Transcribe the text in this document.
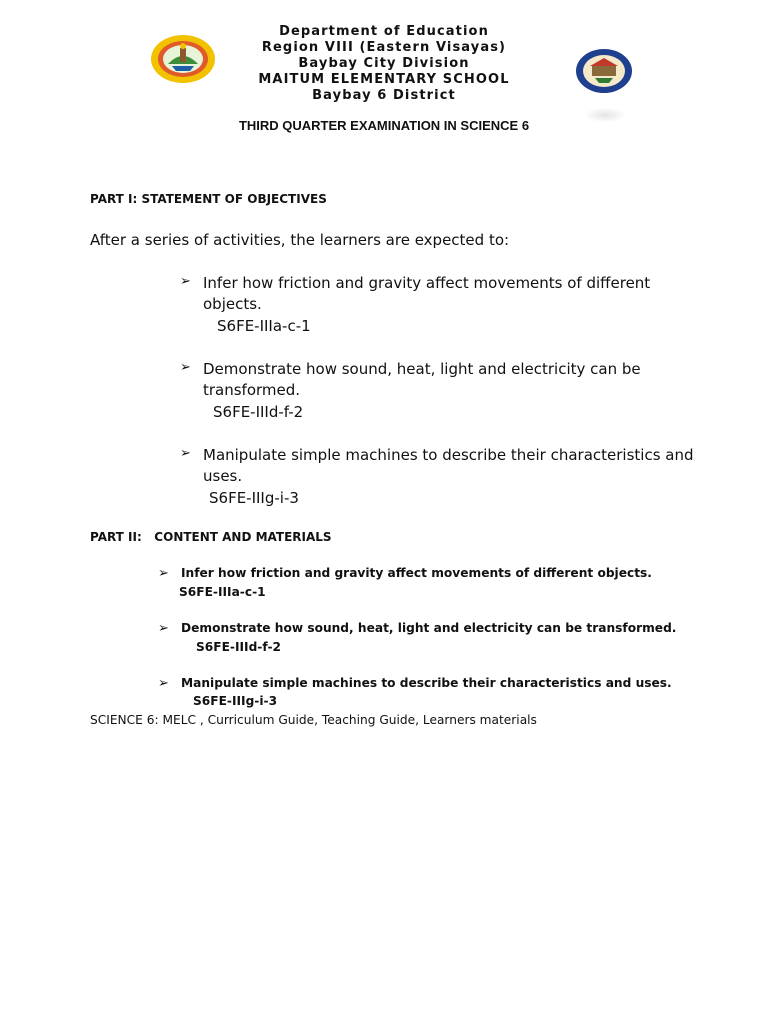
Department of Education
Region VIII (Eastern Visayas)
Baybay City Division
MAITUM ELEMENTARY SCHOOL
Baybay 6 District
THIRD QUARTER EXAMINATION IN SCIENCE 6
PART I: STATEMENT OF OBJECTIVES
After a series of activities, the learners are expected to:
➢ Infer how friction and gravity affect movements of different
objects.
S6FE-IIIa-c-1
➢ Demonstrate how sound, heat, light and electricity can be
transformed.
S6FE-IIId-f-2
➢ Manipulate simple machines to describe their characteristics and
uses.
S6FE-IIIg-i-3
PART II:   CONTENT AND MATERIALS
➢ Infer how friction and gravity affect movements of different objects.
S6FE-IIIa-c-1
➢ Demonstrate how sound, heat, light and electricity can be transformed.
S6FE-IIId-f-2
➢ Manipulate simple machines to describe their characteristics and uses.
S6FE-IIIg-i-3
SCIENCE 6: MELC , Curriculum Guide, Teaching Guide, Learners materials
